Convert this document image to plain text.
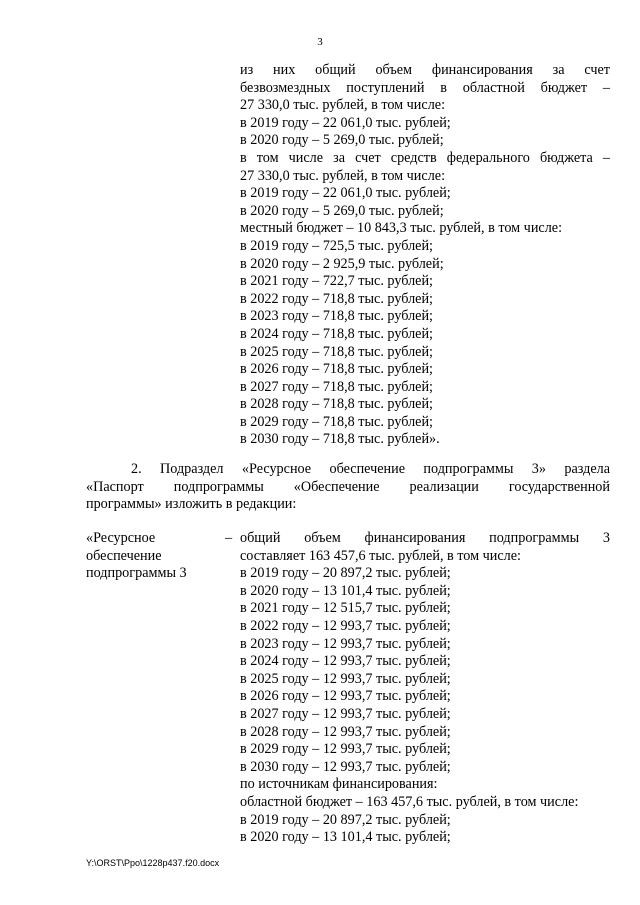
3
из них общий объем финансирования за счет
безвозмездных поступлений в областной бюджет –
27 330,0 тыс. рублей, в том числе:
в 2019 году – 22 061,0 тыс. рублей;
в 2020 году – 5 269,0 тыс. рублей;
в том числе за счет средств федерального бюджета –
27 330,0 тыс. рублей, в том числе:
в 2019 году – 22 061,0 тыс. рублей;
в 2020 году – 5 269,0 тыс. рублей;
местный бюджет – 10 843,3 тыс. рублей, в том числе:
в 2019 году – 725,5 тыс. рублей;
в 2020 году – 2 925,9 тыс. рублей;
в 2021 году – 722,7 тыс. рублей;
в 2022 году – 718,8 тыс. рублей;
в 2023 году – 718,8 тыс. рублей;
в 2024 году – 718,8 тыс. рублей;
в 2025 году – 718,8 тыс. рублей;
в 2026 году – 718,8 тыс. рублей;
в 2027 году – 718,8 тыс. рублей;
в 2028 году – 718,8 тыс. рублей;
в 2029 году – 718,8 тыс. рублей;
в 2030 году – 718,8 тыс. рублей».
2. Подраздел «Ресурсное обеспечение подпрограммы 3» раздела
«Паспорт подпрограммы «Обеспечение реализации государственной
программы» изложить в редакции:
«Ресурсное
обеспечение
подпрограммы 3
– общий объем финансирования подпрограммы 3
составляет 163 457,6 тыс. рублей, в том числе:
в 2019 году – 20 897,2 тыс. рублей;
в 2020 году – 13 101,4 тыс. рублей;
в 2021 году – 12 515,7 тыс. рублей;
в 2022 году – 12 993,7 тыс. рублей;
в 2023 году – 12 993,7 тыс. рублей;
в 2024 году – 12 993,7 тыс. рублей;
в 2025 году – 12 993,7 тыс. рублей;
в 2026 году – 12 993,7 тыс. рублей;
в 2027 году – 12 993,7 тыс. рублей;
в 2028 году – 12 993,7 тыс. рублей;
в 2029 году – 12 993,7 тыс. рублей;
в 2030 году – 12 993,7 тыс. рублей;
по источникам финансирования:
областной бюджет – 163 457,6 тыс. рублей, в том числе:
в 2019 году – 20 897,2 тыс. рублей;
в 2020 году – 13 101,4 тыс. рублей;
Y:\ORST\Ppo\1228p437.f20.docx
